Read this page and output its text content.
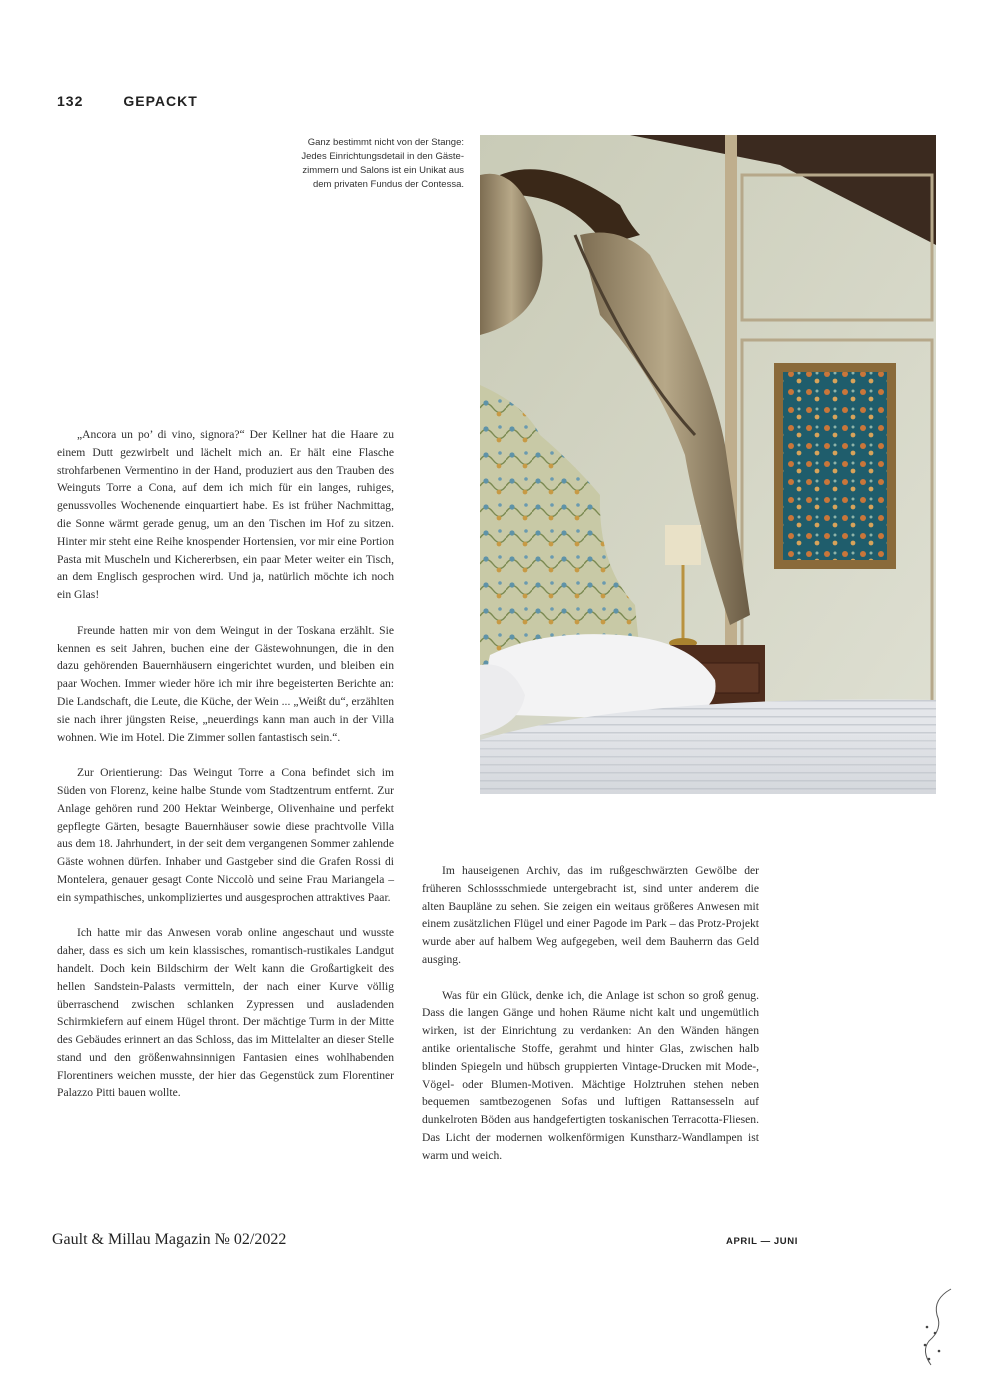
132	GEPACKT
Ganz bestimmt nicht von der Stange:
Jedes Einrichtungsdetail in den Gäste-
zimmern und Salons ist ein Unikat aus
dem privaten Fundus der Contessa.

„Ancora un po’ di vino, signora?“ Der Kellner hat die Haare zu einem Dutt gezwirbelt und lächelt mich an. Er hält eine Flasche strohfarbenen Vermentino in der Hand, produziert aus den Trauben des Weinguts Torre a Cona, auf dem ich mich für ein langes, ruhiges, genussvolles Wochenende einquartiert habe. Es ist früher Nachmittag, die Sonne wärmt gerade genug, um an den Tischen im Hof zu sitzen. Hinter mir steht eine Reihe knospender Hortensien, vor mir eine Portion Pasta mit Muscheln und Kichererbsen, ein paar Meter weiter ein Tisch, an dem Englisch gesprochen wird. Und ja, natürlich möchte ich noch ein Glas!

Freunde hatten mir von dem Weingut in der Toskana erzählt. Sie kennen es seit Jahren, buchen eine der Gästewohnungen, die in den dazu gehörenden Bauernhäusern eingerichtet wurden, und bleiben ein paar Wochen. Immer wieder höre ich mir ihre begeisterten Berichte an: Die Landschaft, die Leute, die Küche, der Wein ... „Weißt du“, erzählten sie nach ihrer jüngsten Reise, „neuerdings kann man auch in der Villa wohnen. Wie im Hotel. Die Zimmer sollen fantastisch sein.“.

Zur Orientierung: Das Weingut Torre a Cona befindet sich im Süden von Florenz, keine halbe Stunde vom Stadtzentrum entfernt. Zur Anlage gehören rund 200 Hektar Weinberge, Olivenhaine und perfekt gepflegte Gärten, besagte Bauernhäuser sowie diese prachtvolle Villa aus dem 18. Jahrhundert, in der seit dem vergangenen Sommer zahlende Gäste wohnen dürfen. Inhaber und Gastgeber sind die Grafen Rossi di Montelera, genauer gesagt Conte Niccolò und seine Frau Mariangela – ein sympathisches, unkompliziertes und ausgesprochen attraktives Paar.

Ich hatte mir das Anwesen vorab online angeschaut und wusste daher, dass es sich um kein klassisches, romantisch-rustikales Landgut handelt. Doch kein Bildschirm der Welt kann die Großartigkeit des hellen Sandstein-Palasts vermitteln, der nach einer Kurve völlig überraschend zwischen schlanken Zypressen und ausladenden Schirmkiefern auf einem Hügel thront. Der mächtige Turm in der Mitte des Gebäudes erinnert an das Schloss, das im Mittelalter an dieser Stelle stand und den größenwahnsinnigen Fantasien eines wohlhabenden Florentiners weichen musste, der hier das Gegenstück zum Florentiner Palazzo Pitti bauen wollte.

Im hauseigenen Archiv, das im rußgeschwärzten Gewölbe der früheren Schlossschmiede untergebracht ist, sind unter anderem die alten Baupläne zu sehen. Sie zeigen ein weitaus größeres Anwesen mit einem zusätzlichen Flügel und einer Pagode im Park – das Protz-Projekt wurde aber auf halbem Weg aufgegeben, weil dem Bauherrn das Geld ausging.

Was für ein Glück, denke ich, die Anlage ist schon so groß genug. Dass die langen Gänge und hohen Räume nicht kalt und ungemütlich wirken, ist der Einrichtung zu verdanken: An den Wänden hängen antike orientalische Stoffe, gerahmt und hinter Glas, zwischen halb blinden Spiegeln und hübsch gruppierten Vintage-Drucken mit Mode-, Vögel- oder Blumen-Motiven. Mächtige Holztruhen stehen neben bequemen samtbezogenen Sofas und luftigen Rattansesseln auf dunkelroten Böden aus handgefertigten toskanischen Terracotta-Fliesen. Das Licht der modernen wolkenförmigen Kunstharz-Wandlampen ist warm und weich.

Gault & Millau Magazin № 02/2022	APRIL — JUNI
